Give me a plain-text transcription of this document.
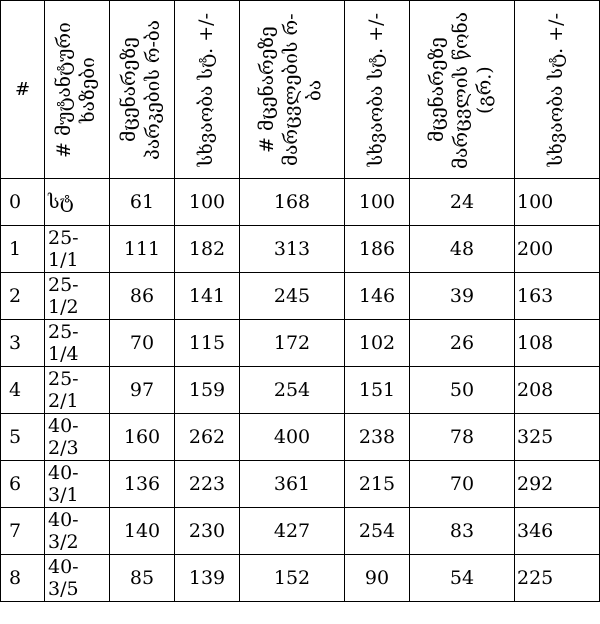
#	# მუტანტური ხაზები	მცენარეზე პარკების რ-ბა	სხვაობა სტ. +/-	# მცენარეზე მარცვლების რ-ბა	სხვაობა სტ. +/-	მცენარეზე მარცვლის წონა (გრ.)	სხვაობა სტ. +/-

0	სტ	61	100	168	100	24	100
1	25-1/1	111	182	313	186	48	200
2	25-1/2	86	141	245	146	39	163
3	25-1/4	70	115	172	102	26	108
4	25-2/1	97	159	254	151	50	208
5	40-2/3	160	262	400	238	78	325
6	40-3/1	136	223	361	215	70	292
7	40-3/2	140	230	427	254	83	346
8	40-3/5	85	139	152	90	54	225
